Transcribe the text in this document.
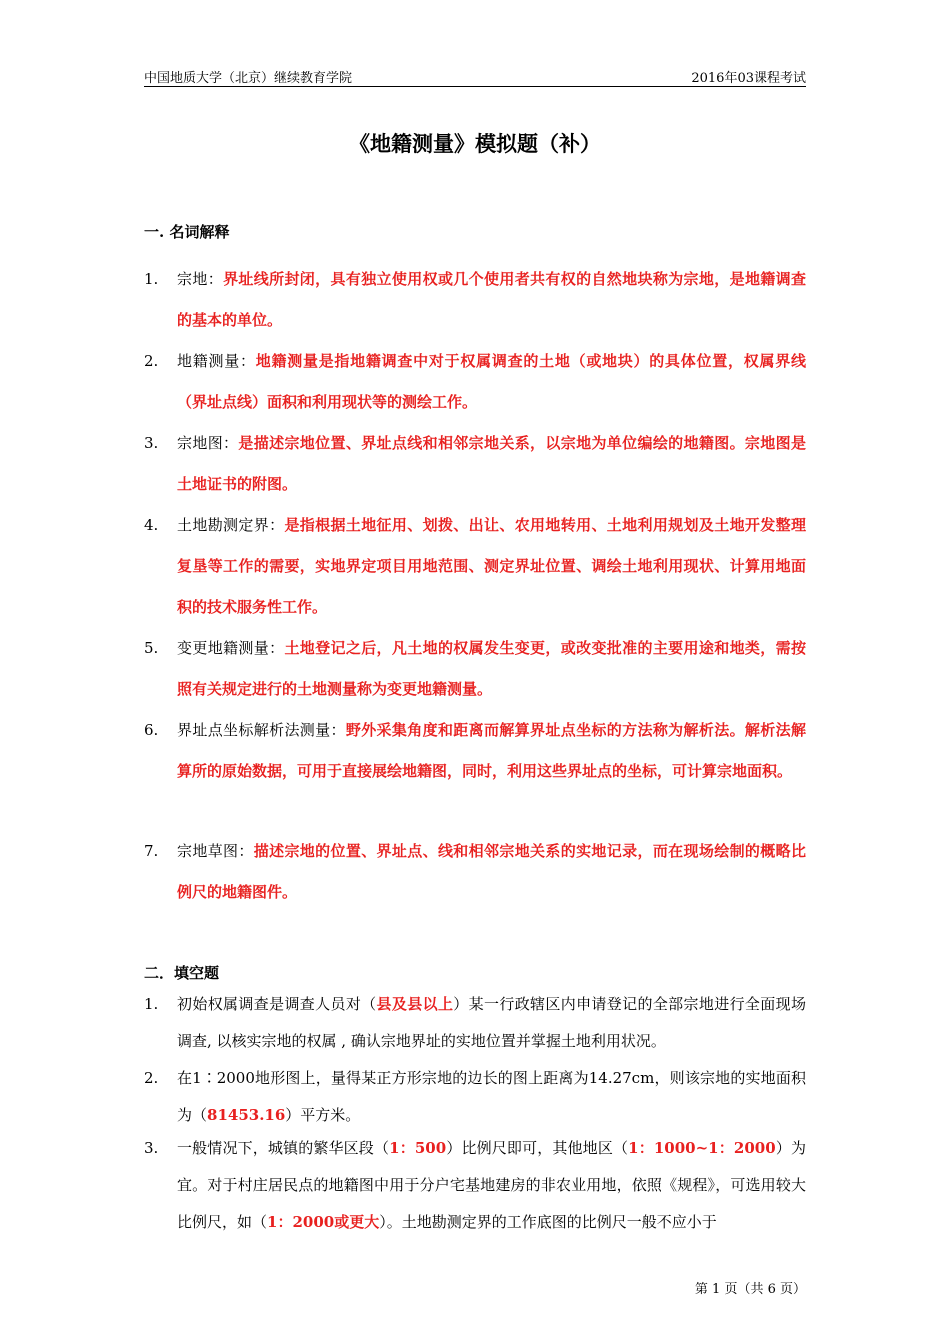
中国地质大学（北京）继续教育学院	2016年03课程考试
《地籍测量》模拟题（补）
一. 名词解释
1. 宗地：界址线所封闭，具有独立使用权或几个使用者共有权的自然地块称为宗地，是地籍调查的基本的单位。
2. 地籍测量：地籍测量是指地籍调查中对于权属调查的土地（或地块）的具体位置，权属界线（界址点线）面积和利用现状等的测绘工作。
3. 宗地图：是描述宗地位置、界址点线和相邻宗地关系，以宗地为单位编绘的地籍图。宗地图是土地证书的附图。
4. 土地勘测定界：是指根据土地征用、划拨、出让、农用地转用、土地利用规划及土地开发整理复垦等工作的需要，实地界定项目用地范围、测定界址位置、调绘土地利用现状、计算用地面积的技术服务性工作。
5. 变更地籍测量：土地登记之后，凡土地的权属发生变更，或改变批准的主要用途和地类，需按照有关规定进行的土地测量称为变更地籍测量。
6. 界址点坐标解析法测量：野外采集角度和距离而解算界址点坐标的方法称为解析法。解析法解算所的原始数据，可用于直接展绘地籍图，同时，利用这些界址点的坐标，可计算宗地面积。
7. 宗地草图：描述宗地的位置、界址点、线和相邻宗地关系的实地记录，而在现场绘制的概略比例尺的地籍图件。
二．填空题
1. 初始权属调查是调查人员对（县及县以上）某一行政辖区内申请登记的全部宗地进行全面现场调查, 以核实宗地的权属 , 确认宗地界址的实地位置并掌握土地利用状况。
2. 在1∶2000地形图上，量得某正方形宗地的边长的图上距离为14.27cm，则该宗地的实地面积为（81453.16）平方米。
3. 一般情况下，城镇的繁华区段（1：500）比例尺即可，其他地区（1：1000~1：2000）为宜。对于村庄居民点的地籍图中用于分户宅基地建房的非农业用地，依照《规程》，可选用较大比例尺，如（1：2000或更大）。土地勘测定界的工作底图的比例尺一般不应小于
第 1 页（共 6 页）
